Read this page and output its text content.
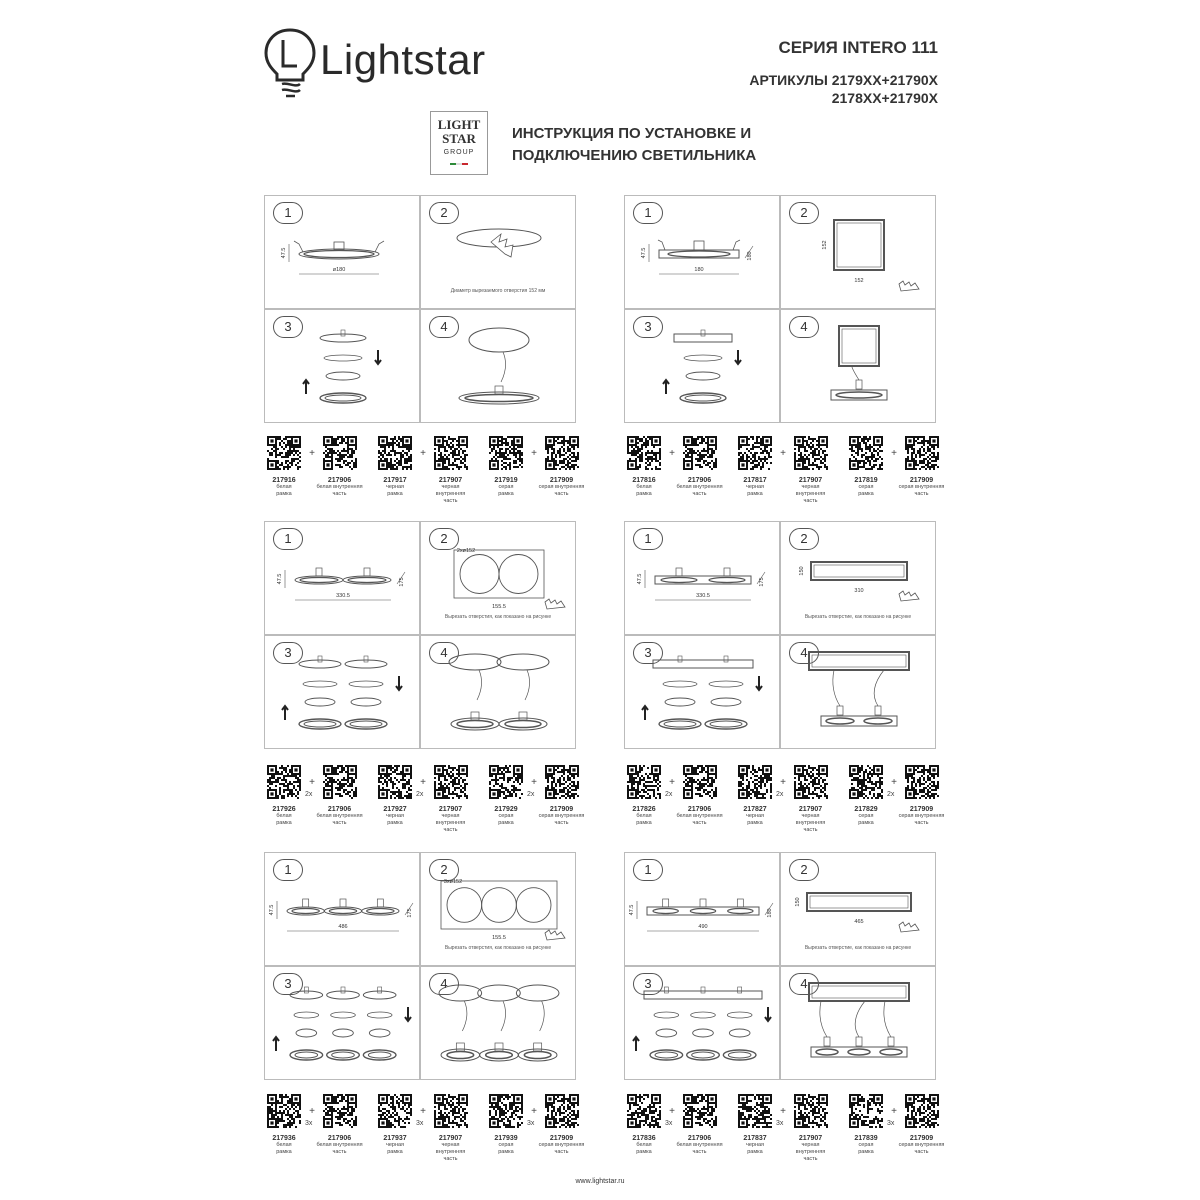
Lightstar	СЕРИЯ INTERO 111
АРТИКУЛЫ 2179XX+21790X
2178XX+21790X
LIGHT
STAR
GROUP
ИНСТРУКЦИЯ ПО УСТАНОВКЕ И
ПОДКЛЮЧЕНИЮ СВЕТИЛЬНИКА
1
ø180
47.5
2
Диаметр вырезаемого отверстия 152 мм
3	4
217916
белая
рамка
+
217906
белая внутренняя
часть
217917
черная
рамка
+
217907
черная внутренняя
часть
217919
серая
рамка
+
217909
серая внутренняя
часть
1
180
47.5	180
2
152
152
3	4
217816
белая
рамка
+
217906
белая внутренняя
часть
217817
черная
рамка
+
217907
черная внутренняя
часть
217819
серая
рамка
+
217909
серая внутренняя
часть
1
330.5
47.5	175
2
155.5
2xø152
Вырезать отверстия, как показано на рисунке
3	4
217926
белая
рамка
+
2x
217906
белая внутренняя
часть
217927
черная
рамка
+
2x
217907
черная внутренняя
часть
217929
серая
рамка
+
2x
217909
серая внутренняя
часть
1
330.5
47.5	175
2
310
150
Вырезать отверстие, как показано на рисунке
3	4
217826
белая
рамка
+
2x
217906
белая внутренняя
часть
217827
черная
рамка
+
2x
217907
черная внутренняя
часть
217829
серая
рамка
+
2x
217909
серая внутренняя
часть
1
486
47.5	175
2
155.5
3xø152
Вырезать отверстия, как показано на рисунке
3	4
217936
белая
рамка
+
3x
217906
белая внутренняя
часть
217937
черная
рамка
+
3x
217907
черная внутренняя
часть
217939
серая
рамка
+
3x
217909
серая внутренняя
часть
1
490
47.5	180
2
465
150
Вырезать отверстие, как показано на рисунке
3	4
217836
белая
рамка
+
3x
217906
белая внутренняя
часть
217837
черная
рамка
+
3x
217907
черная внутренняя
часть
217839
серая
рамка
+
3x
217909
серая внутренняя
часть
www.lightstar.ru
